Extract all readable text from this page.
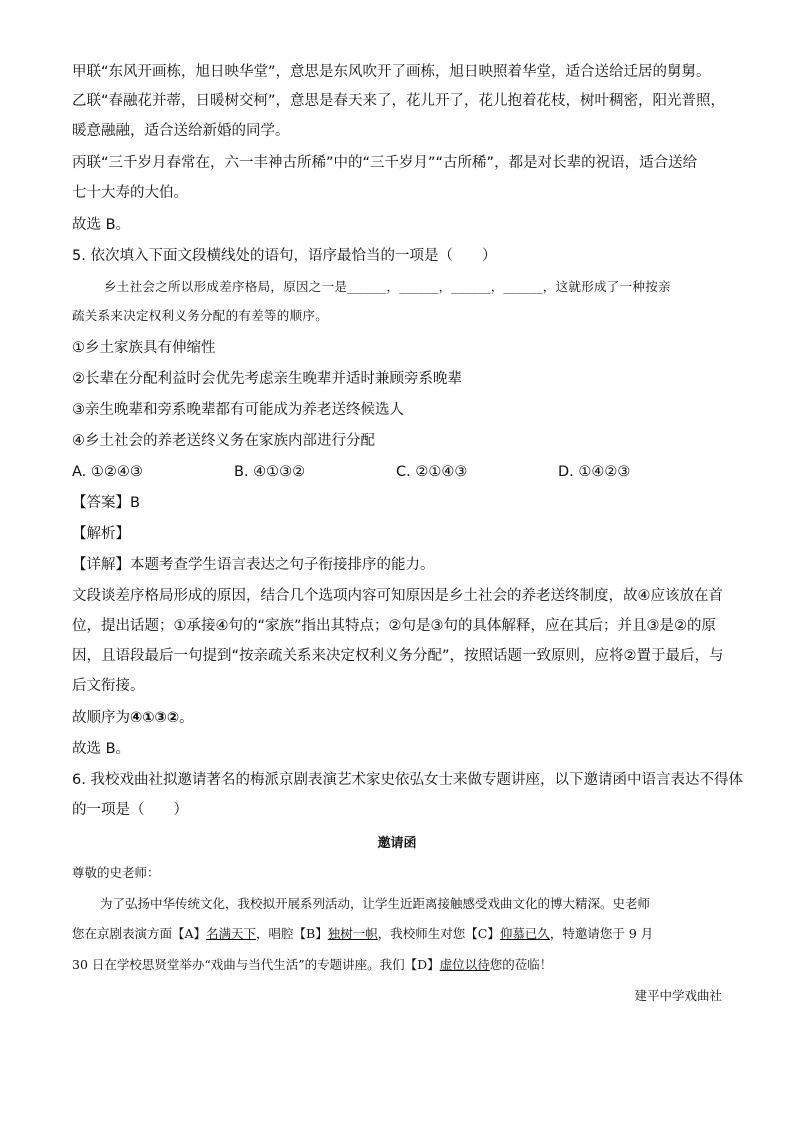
甲联“东风开画栋，旭日映华堂”，意思是东风吹开了画栋，旭日映照着华堂，适合送给迁居的舅舅。

乙联“春融花并蒂，日暖树交柯”，意思是春天来了，花儿开了，花儿抱着花枝，树叶稠密，阳光普照，
暖意融融，适合送给新婚的同学。
丙联“三千岁月春常在，六一丰神古所稀”中的“三千岁月”“古所稀”，都是对长辈的祝语，适合送给
七十大寿的大伯。

故选 B。

5. 依次填入下面文段横线处的语句，语序最恰当的一项是（　　）

乡土社会之所以形成差序格局，原因之一是______，______，______，______，这就形成了一种按亲
疏关系来决定权利义务分配的有差等的顺序。

①乡土家族具有伸缩性

②长辈在分配利益时会优先考虑亲生晚辈并适时兼顾旁系晚辈

③亲生晚辈和旁系晚辈都有可能成为养老送终候选人

④乡土社会的养老送终义务在家族内部进行分配

A. ①②④③	B. ④①③②	C. ②①④③	D. ①④②③

【答案】B

【解析】

【详解】本题考查学生语言表达之句子衔接排序的能力。

文段谈差序格局形成的原因，结合几个选项内容可知原因是乡土社会的养老送终制度，故④应该放在首
位，提出话题；①承接④句的“家族”指出其特点；②句是③句的具体解释，应在其后；并且③是②的原
因，且语段最后一句提到“按亲疏关系来决定权利义务分配”，按照话题一致原则，应将②置于最后，与
后文衔接。

故顺序为④①③②。

故选 B。

6. 我校戏曲社拟邀请著名的梅派京剧表演艺术家史依弘女士来做专题讲座，以下邀请函中语言表达不得体
的一项是（　　）
邀请函

尊敬的史老师：

为了弘扬中华传统文化，我校拟开展系列活动，让学生近距离接触感受戏曲文化的博大精深。史老师

您在京剧表演方面【A】名满天下，唱腔【B】独树一帜，我校师生对您【C】仰慕已久，特邀请您于 9 月

30 日在学校思贤堂举办“戏曲与当代生活”的专题讲座。我们【D】虚位以待您的莅临！

建平中学戏曲社
